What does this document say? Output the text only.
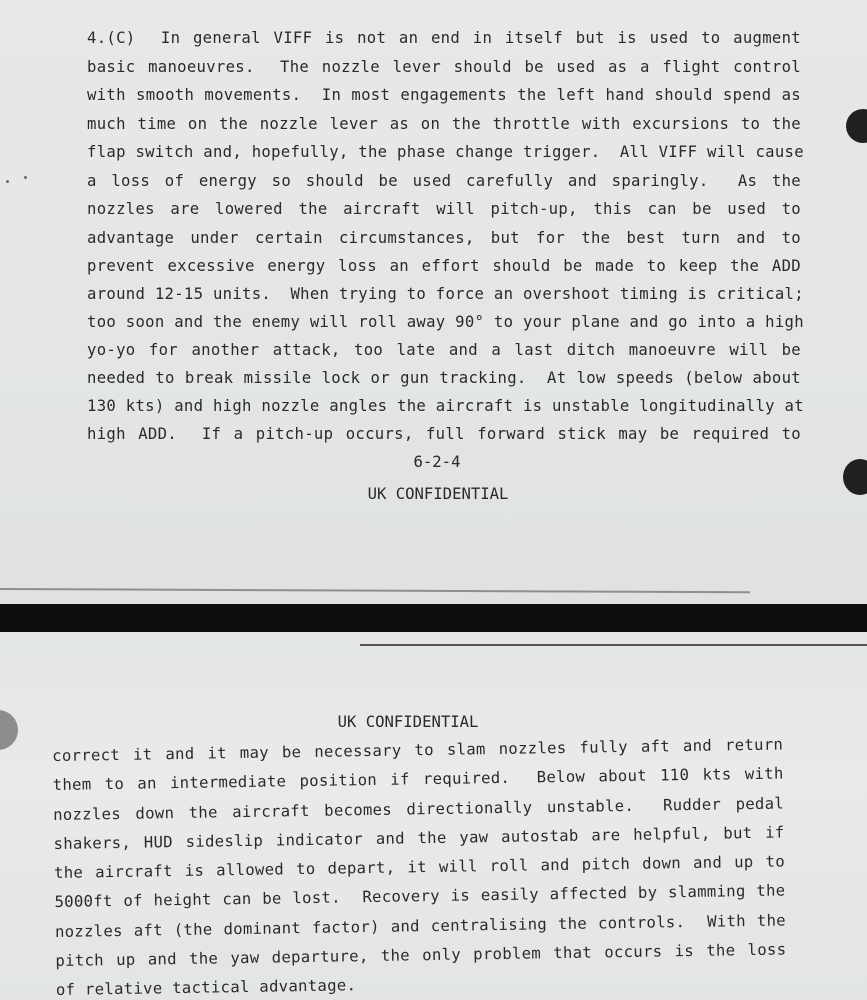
4.(C)  In general VIFF is not an end in itself but is used to augment
basic manoeuvres.  The nozzle lever should be used as a flight control
with smooth movements.  In most engagements the left hand should spend as
much time on the nozzle lever as on the throttle with excursions to the
flap switch and, hopefully, the phase change trigger.  All VIFF will cause
a loss of energy so should be used carefully and sparingly.  As the
nozzles are lowered the aircraft will pitch-up, this can be used to
advantage under certain circumstances, but for the best turn and to
prevent excessive energy loss an effort should be made to keep the ADD
around 12-15 units.  When trying to force an overshoot timing is critical;
too soon and the enemy will roll away 90° to your plane and go into a high
yo-yo for another attack, too late and a last ditch manoeuvre will be
needed to break missile lock or gun tracking.  At low speeds (below about
130 kts) and high nozzle angles the aircraft is unstable longitudinally at
high ADD.  If a pitch-up occurs, full forward stick may be required to
6-2-4
UK CONFIDENTIAL
UK CONFIDENTIAL
correct it and it may be necessary to slam nozzles fully aft and return
them to an intermediate position if required.  Below about 110 kts with
nozzles down the aircraft becomes directionally unstable.  Rudder pedal
shakers, HUD sideslip indicator and the yaw autostab are helpful, but if
the aircraft is allowed to depart, it will roll and pitch down and up to
5000ft of height can be lost.  Recovery is easily affected by slamming the
nozzles aft (the dominant factor) and centralising the controls.  With the
pitch up and the yaw departure, the only problem that occurs is the loss
of relative tactical advantage.
